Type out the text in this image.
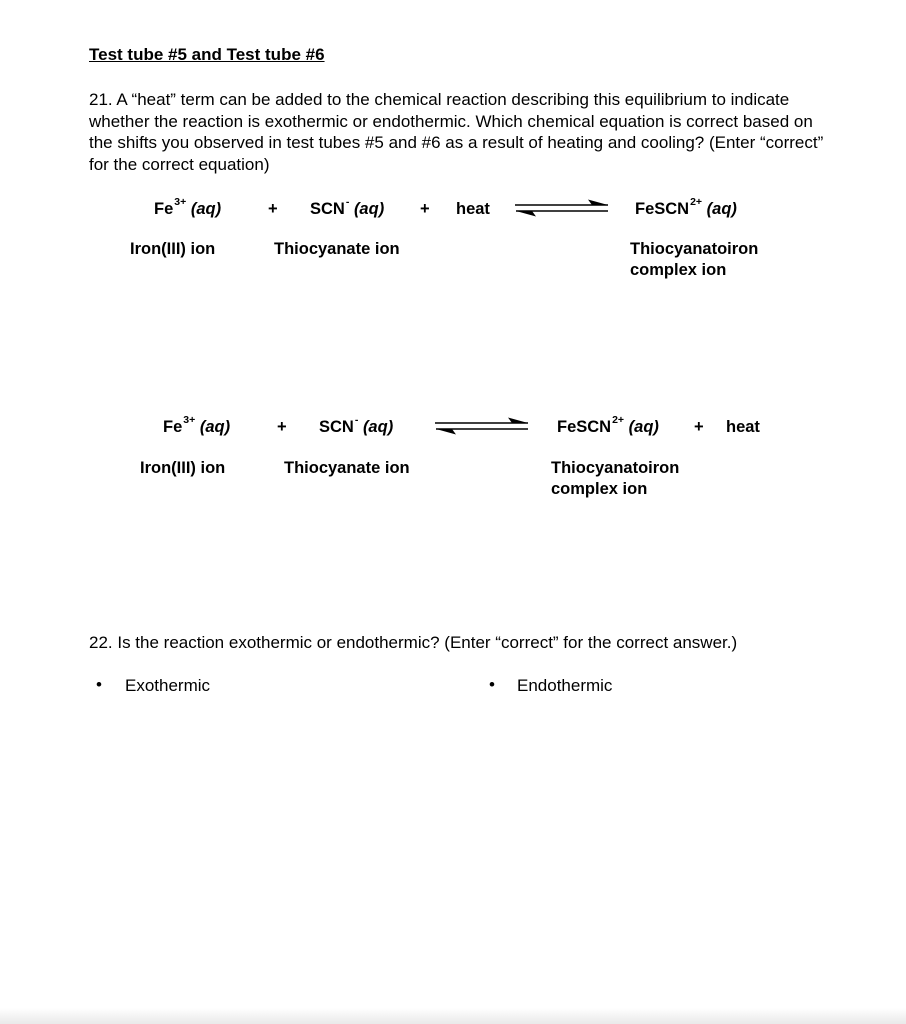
Test tube #5 and Test tube #6
21. A “heat” term can be added to the chemical reaction describing this equilibrium to indicate whether the reaction is exothermic or endothermic. Which chemical equation is correct based on the shifts you observed in test tubes #5 and #6 as a result of heating and cooling? (Enter “correct” for the correct equation)
$Fe^{3+}$ (aq)	+ SCN- (aq) + heat	FeSCN$^{2+}$ (aq)
Iron(III) ion	Thiocyanate ion	Thiocyanatoiron complex ion
$Fe^{3+}$ (aq)	+ SCN- (aq)	FeSCN$^{2+}$ (aq) + heat
Iron(III) ion	Thiocyanate ion	Thiocyanatoiron complex ion
22. Is the reaction exothermic or endothermic? (Enter “correct” for the correct answer.)
• Exothermic	• Endothermic
